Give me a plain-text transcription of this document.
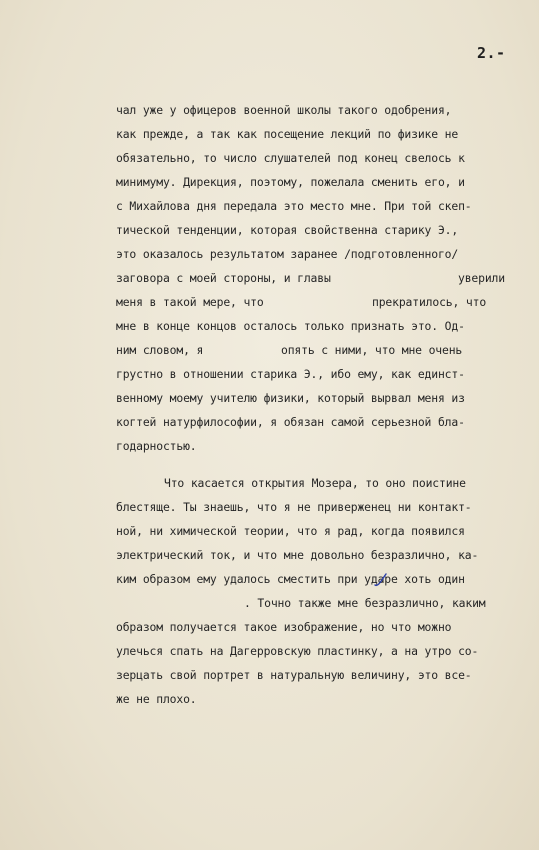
2.-
чал уже у офицеров военной школы такого одобрения,
как прежде, а так как посещение лекций по физике не
обязательно, то число слушателей под конец свелось к
минимуму. Дирекция, поэтому, пожелала сменить его, и
с Михайлова дня передала это место мне. При той скеп-
тической тенденции, которая свойственна старику Э.,
это оказалось результатом заранее /подготовленного/
заговора с моей стороны, и главы	уверили
меня в такой мере, что	прекратилось, что
мне в конце концов осталось только признать это. Од-
ним словом, я	опять с ними, что мне очень
грустно в отношении старика Э., ибо ему, как единст-
венному моему учителю физики, который вырвал меня из
когтей натурфилософии, я обязан самой серьезной бла-
годарностью.
Что касается открытия Мозера, то оно поистине
блестяще. Ты знаешь, что я не приверженец ни контакт-
ной, ни химической теории, что я рад, когда появился
электрический ток, и что мне довольно безразлично, ка-
ким образом ему удалось сместить при ударе хоть один
. Точно также мне безразлично, каким
образом получается такое изображение, но что можно
улечься спать на Дагерровскую пластинку, а на утро со-
зерцать свой портрет в натуральную величину, это все-
же не плохо.
